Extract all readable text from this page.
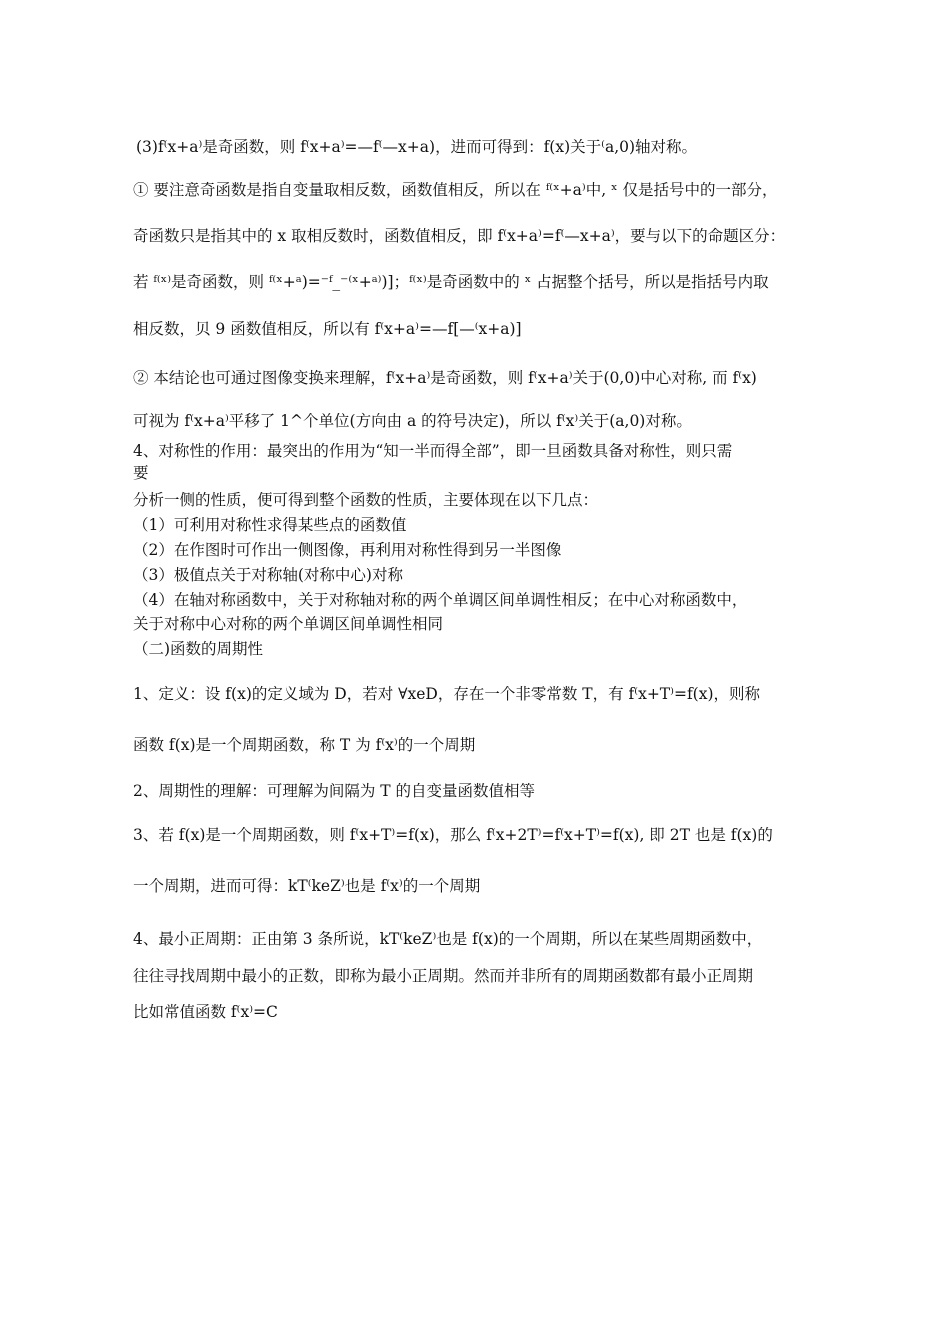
(3)f⁽x+a⁾是奇函数，则 f⁽x+a⁾=—f⁽—x+a)，进而可得到：f(x)关于⁽a,0)轴对称。
① 要注意奇函数是指自变量取相反数，函数值相反，所以在 ᶠ⁽ˣ+a⁾中, ˣ 仅是括号中的一部分，
奇函数只是指其中的 x 取相反数时，函数值相反，即 f⁽x+a⁾=f⁽—x+a⁾，要与以下的命题区分：
若 ᶠ⁽ˣ⁾是奇函数，则 ᶠ⁽ˣ+ᵃ)=⁻ᶠ_⁻⁽ˣ+ᵃ⁾)]；ᶠ⁽ˣ⁾是奇函数中的 ˣ 占据整个括号，所以是指括号内取
相反数，贝 9 函数值相反，所以有 f⁽x+a⁾=—f[—⁽x+a)]
② 本结论也可通过图像变换来理解，f⁽x+a⁾是奇函数，则 f⁽x+a⁾关于(0,0)中心对称, 而 f⁽x)
可视为 f⁽x+a⁾平移了 1^个单位(方向由 a 的符号决定)，所以 f⁽x⁾关于(a,0)对称。
4、对称性的作用：最突出的作用为“知一半而得全部”，即一旦函数具备对称性，则只需
要
分析一侧的性质，便可得到整个函数的性质，主要体现在以下几点：
（1）可利用对称性求得某些点的函数值
（2）在作图时可作出一侧图像，再利用对称性得到另一半图像
（3）极值点关于对称轴(对称中心)对称
（4）在轴对称函数中，关于对称轴对称的两个单调区间单调性相反；在中心对称函数中，
关于对称中心对称的两个单调区间单调性相同
（二)函数的周期性
1、定义：设 f(x)的定义域为 D，若对 ∀xeD，存在一个非零常数 T，有 f⁽x+T⁾=f(x)，则称
函数 f(x)是一个周期函数，称 T 为 f⁽x⁾的一个周期
2、周期性的理解：可理解为间隔为 T 的自变量函数值相等
3、若 f(x)是一个周期函数，则 f⁽x+T⁾=f(x)，那么 f⁽x+2T⁾=f⁽x+T⁾=f(x), 即 2T 也是 f(x)的
一个周期，进而可得：kT⁽keZ⁾也是 f⁽x⁾的一个周期
4、最小正周期：正由第 3 条所说，kT⁽keZ⁾也是 f(x)的一个周期，所以在某些周期函数中，
往往寻找周期中最小的正数，即称为最小正周期。然而并非所有的周期函数都有最小正周期
比如常值函数 f⁽x⁾=C
